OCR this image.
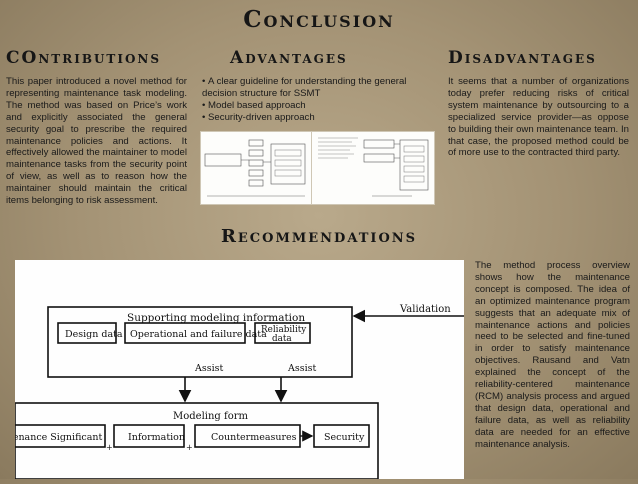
Conclusion
COntributions	Advantages	Disadvantages

This paper introduced a novel method for representing maintenance task modeling. The method was based on Price’s work and explicitly associated the general security goal to prescribe the required maintenance policies and actions. It effectively allowed the maintainer to model maintenance tasks from the security point of view, as well as to reason how the maintainer should maintain the critical items belonging to risk assessment.

• A clear guideline for understanding the general decision structure for SSMT
• Model based approach
• Security-driven approach

It seems that a number of organizations today prefer reducing risks of critical system maintenance by outsourcing to a specialized service provider—as oppose to building their own maintenance team. In that case, the proposed method could be of more use to the contracted third party.

Recommendations
Supporting modeling information
Design data Operational and failure data
Reliability
data
Validation
Assist	Assist
Modeling form
tenance Significant
+
Information
+
Countermeasures	Security

The method process overview shows how the maintenance concept is composed. The idea of an optimized maintenance program suggests that an adequate mix of maintenance actions and policies need to be selected and fine-tuned in order to satisfy maintenance objectives. Rausand and Vatn explained the concept of the reliability-centered maintenance (RCM) analysis process and argued that design data, operational and failure data, as well as reliability data are needed for an effective maintenance analysis.
